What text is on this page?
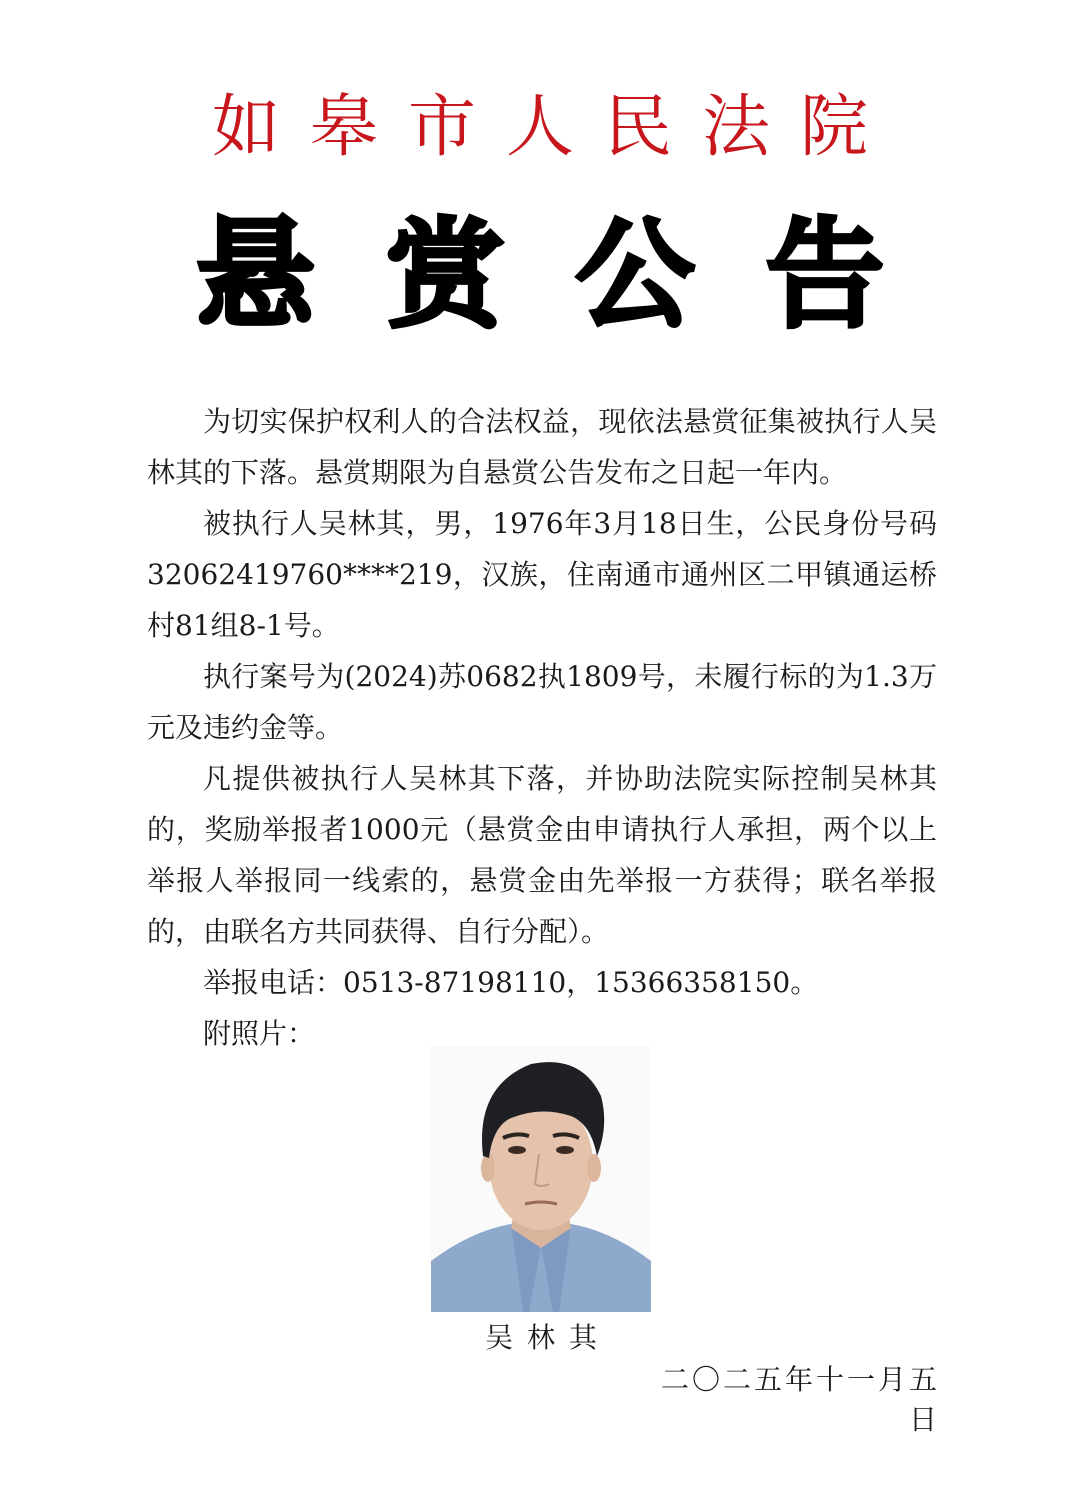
如皋市人民法院
悬赏公告

为切实保护权利人的合法权益，现依法悬赏征集被执行人吴林其的下落。悬赏期限为自悬赏公告发布之日起一年内。

被执行人吴林其，男，1976年3月18日生，公民身份号码32062419760****219，汉族，住南通市通州区二甲镇通运桥村81组8-1号。

执行案号为(2024)苏0682执1809号，未履行标的为1.3万元及违约金等。

凡提供被执行人吴林其下落，并协助法院实际控制吴林其的，奖励举报者1000元（悬赏金由申请执行人承担，两个以上举报人举报同一线索的，悬赏金由先举报一方获得；联名举报的，由联名方共同获得、自行分配）。

举报电话：0513-87198110，15366358150。

附照片：

吴林其
二〇二五年十一月五日
